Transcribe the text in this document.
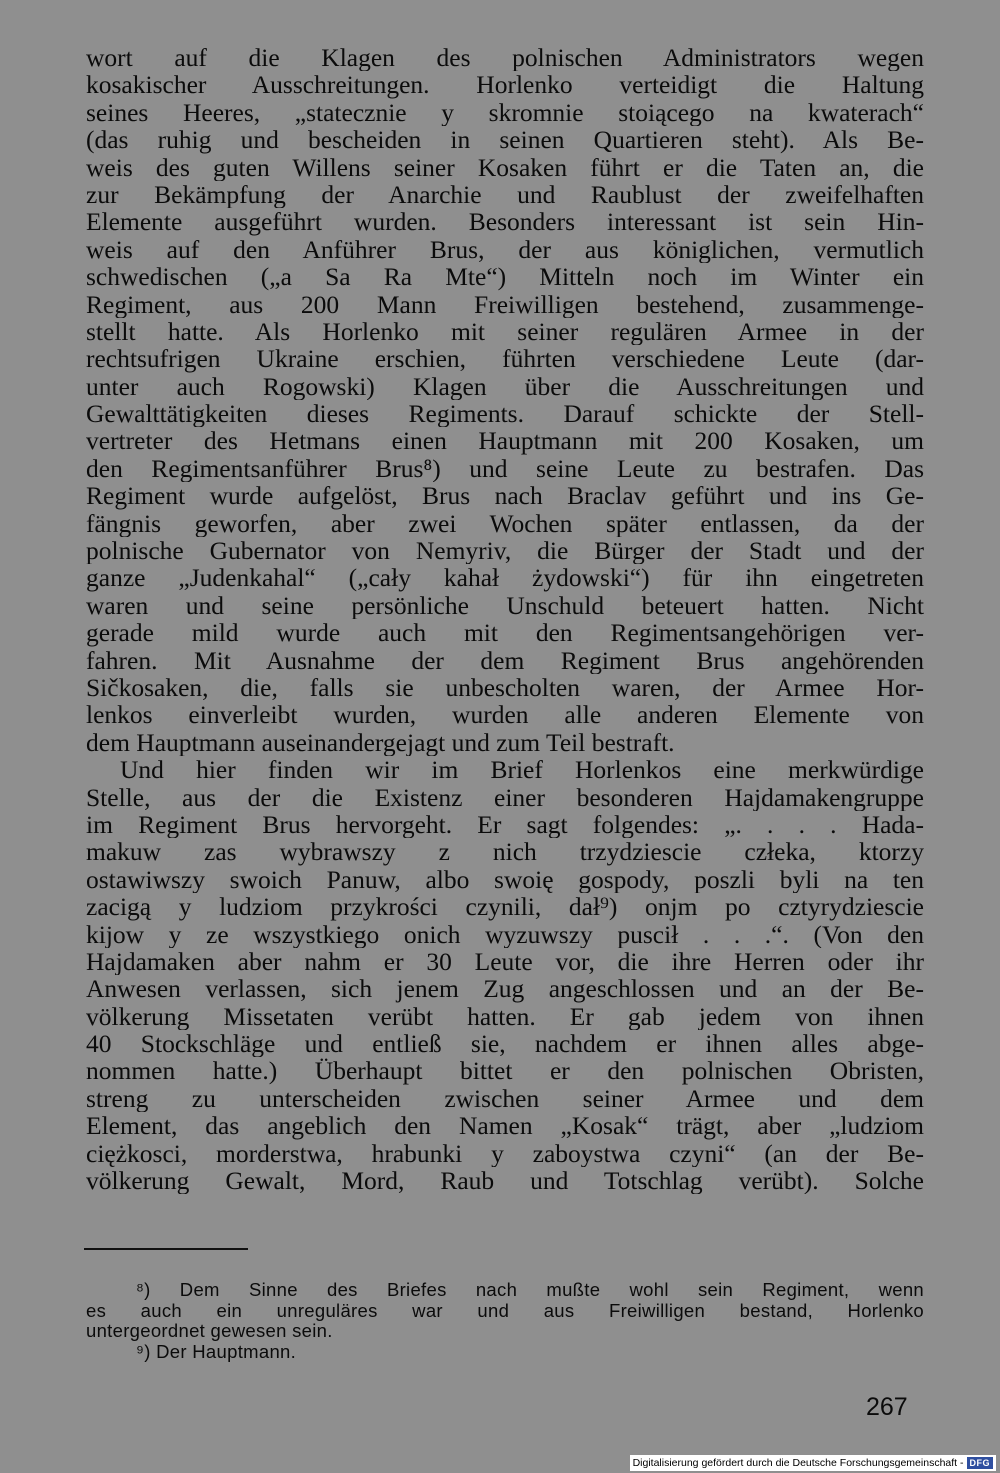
wort auf die Klagen des polnischen Administrators wegen
kosakischer Ausschreitungen. Horlenko verteidigt die Haltung
seines Heeres, „statecznie y skromnie stoiącego na kwaterach“
(das ruhig und bescheiden in seinen Quartieren steht). Als Be-
weis des guten Willens seiner Kosaken führt er die Taten an, die
zur Bekämpfung der Anarchie und Raublust der zweifelhaften
Elemente ausgeführt wurden. Besonders interessant ist sein Hin-
weis auf den Anführer Brus, der aus königlichen, vermutlich
schwedischen („a Sa Ra Mte“) Mitteln noch im Winter ein
Regiment, aus 200 Mann Freiwilligen bestehend, zusammenge-
stellt hatte. Als Horlenko mit seiner regulären Armee in der
rechtsufrigen Ukraine erschien, führten verschiedene Leute (dar-
unter auch Rogowski) Klagen über die Ausschreitungen und
Gewalttätigkeiten dieses Regiments. Darauf schickte der Stell-
vertreter des Hetmans einen Hauptmann mit 200 Kosaken, um
den Regimentsanführer Brus⁸) und seine Leute zu bestrafen. Das
Regiment wurde aufgelöst, Brus nach Braclav geführt und ins Ge-
fängnis geworfen, aber zwei Wochen später entlassen, da der
polnische Gubernator von Nemyriv, die Bürger der Stadt und der
ganze „Judenkahal“ („cały kahał żydowski“) für ihn eingetreten
waren und seine persönliche Unschuld beteuert hatten. Nicht
gerade mild wurde auch mit den Regimentsangehörigen ver-
fahren. Mit Ausnahme der dem Regiment Brus angehörenden
Sičkosaken, die, falls sie unbescholten waren, der Armee Hor-
lenkos einverleibt wurden, wurden alle anderen Elemente von
dem Hauptmann auseinandergejagt und zum Teil bestraft.
Und hier finden wir im Brief Horlenkos eine merkwürdige
Stelle, aus der die Existenz einer besonderen Hajdamakengruppe
im Regiment Brus hervorgeht. Er sagt folgendes: „. . . . Hada-
makuw zas wybrawszy z nich trzydziescie człeka, ktorzy
ostawiwszy swoich Panuw, albo swoię gospody, poszli byli na ten
zacigą y ludziom przykrości czynili, dał⁹) onjm po cztyrydziescie
kijow y ze wszystkiego onich wyzuwszy puscił . . .“. (Von den
Hajdamaken aber nahm er 30 Leute vor, die ihre Herren oder ihr
Anwesen verlassen, sich jenem Zug angeschlossen und an der Be-
völkerung Missetaten verübt hatten. Er gab jedem von ihnen
40 Stockschläge und entließ sie, nachdem er ihnen alles abge-
nommen hatte.) Überhaupt bittet er den polnischen Obristen,
streng zu unterscheiden zwischen seiner Armee und dem
Element, das angeblich den Namen „Kosak“ trägt, aber „ludziom
ciężkosci, morderstwa, hrabunki y zaboystwa czyni“ (an der Be-
völkerung Gewalt, Mord, Raub und Totschlag verübt). Solche
⁸) Dem Sinne des Briefes nach mußte wohl sein Regiment, wenn
es auch ein unreguläres war und aus Freiwilligen bestand, Horlenko
untergeordnet gewesen sein.
⁹) Der Hauptmann.
267
Digitalisierung gefördert durch die Deutsche Forschungsgemeinschaft - DFG
